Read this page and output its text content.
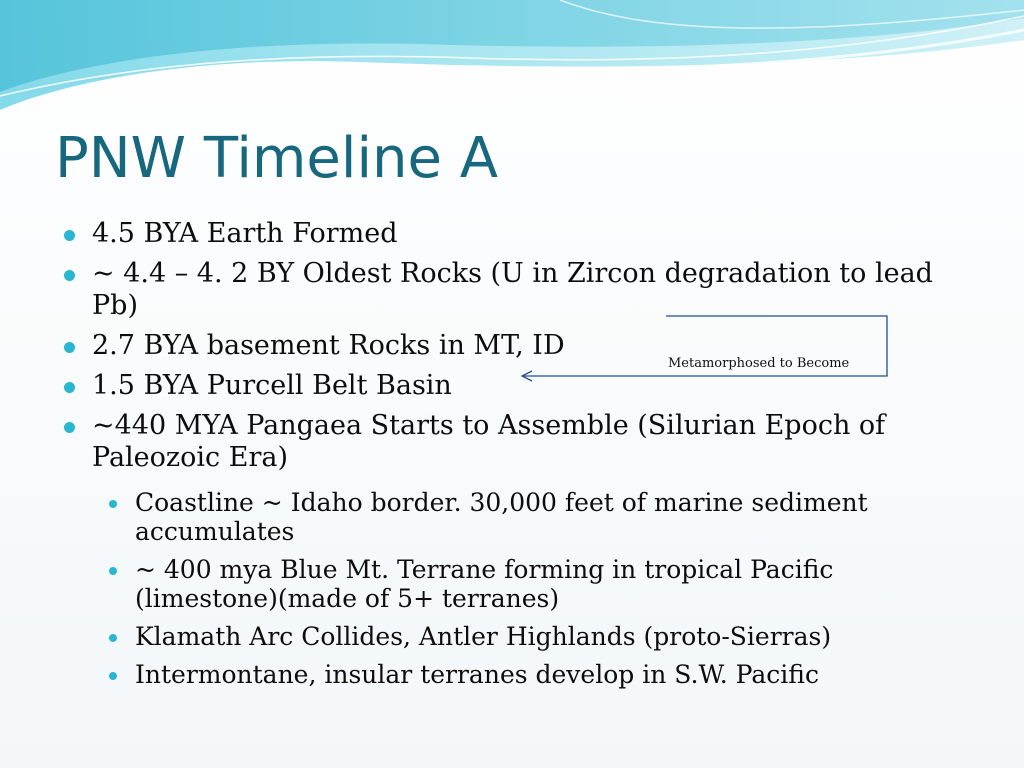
PNW Timeline A
4.5 BYA Earth Formed
~ 4.4 – 4. 2 BY Oldest Rocks (U in Zircon degradation to lead Pb)
2.7 BYA basement Rocks in MT, ID
1.5 BYA Purcell Belt Basin
~440 MYA Pangaea Starts to Assemble (Silurian Epoch of Paleozoic Era)
Coastline ~ Idaho border. 30,000 feet of marine sediment accumulates
~ 400 mya Blue Mt. Terrane forming in tropical Pacific (limestone)(made of 5+ terranes)
Klamath Arc Collides, Antler Highlands (proto-Sierras)
Intermontane, insular terranes develop in S.W. Pacific
Metamorphosed to Become
